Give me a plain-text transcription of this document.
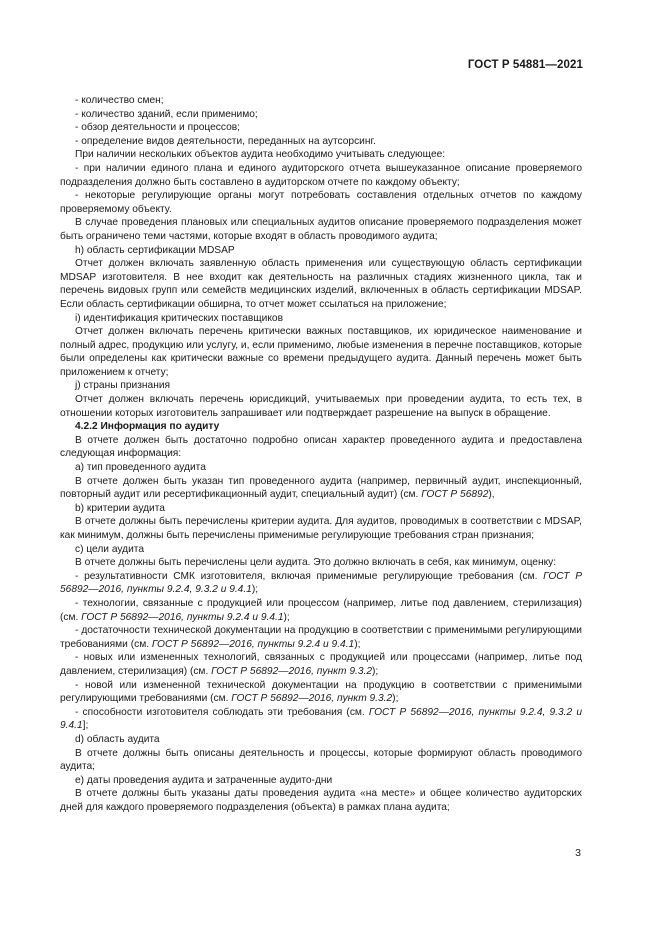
ГОСТ Р 54881—2021

- количество смен;

- количество зданий, если применимо;

- обзор деятельности и процессов;

- определение видов деятельности, переданных на аутсорсинг.

При наличии нескольких объектов аудита необходимо учитывать следующее:

- при наличии единого плана и единого аудиторского отчета вышеуказанное описание проверяемого подразделения должно быть составлено в аудиторском отчете по каждому объекту;

- некоторые регулирующие органы могут потребовать составления отдельных отчетов по каждому проверяемому объекту.

В случае проведения плановых или специальных аудитов описание проверяемого подразделения может быть ограничено теми частями, которые входят в область проводимого аудита;

h) область сертификации MDSAP

Отчет должен включать заявленную область применения или существующую область сертификации MDSAP изготовителя. В нее входит как деятельность на различных стадиях жизненного цикла, так и перечень видовых групп или семейств медицинских изделий, включенных в область сертификации MDSAP. Если область сертификации обширна, то отчет может ссылаться на приложение;

i) идентификация критических поставщиков

Отчет должен включать перечень критически важных поставщиков, их юридическое наименование и полный адрес, продукцию или услугу, и, если применимо, любые изменения в перечне поставщиков, которые были определены как критически важные со времени предыдущего аудита. Данный перечень может быть приложением к отчету;

j) страны признания

Отчет должен включать перечень юрисдикций, учитываемых при проведении аудита, то есть тех, в отношении которых изготовитель запрашивает или подтверждает разрешение на выпуск в обращение.

4.2.2 Информация по аудиту

В отчете должен быть достаточно подробно описан характер проведенного аудита и предоставлена следующая информация:

a) тип проведенного аудита

В отчете должен быть указан тип проведенного аудита (например, первичный аудит, инспекционный, повторный аудит или ресертификационный аудит, специальный аудит) (см. ГОСТ Р 56892),

b) критерии аудита

В отчете должны быть перечислены критерии аудита. Для аудитов, проводимых в соответствии с MDSAP, как минимум, должны быть перечислены применимые регулирующие требования стран признания;

c) цели аудита

В отчете должны быть перечислены цели аудита. Это должно включать в себя, как минимум, оценку:

- результативности СМК изготовителя, включая применимые регулирующие требования (см. ГОСТ Р 56892—2016, пункты 9.2.4, 9.3.2 и 9.4.1);

- технологии, связанные с продукцией или процессом (например, литье под давлением, стерилизация) (см. ГОСТ Р 56892—2016, пункты 9.2.4 и 9.4.1);

- достаточности технической документации на продукцию в соответствии с применимыми регулирующими требованиями (см. ГОСТ Р 56892—2016, пункты 9.2.4 и 9.4.1);

- новых или измененных технологий, связанных с продукцией или процессами (например, литье под давлением, стерилизация) (см. ГОСТ Р 56892—2016, пункт 9.3.2);

- новой или измененной технической документации на продукцию в соответствии с применимыми регулирующими требованиями (см. ГОСТ Р 56892—2016, пункт 9.3.2);

- способности изготовителя соблюдать эти требования (см. ГОСТ Р 56892—2016, пункты 9.2.4, 9.3.2 и 9.4.1];

d) область аудита

В отчете должны быть описаны деятельность и процессы, которые формируют область проводимого аудита;

e) даты проведения аудита и затраченные аудито-дни

В отчете должны быть указаны даты проведения аудита «на месте» и общее количество аудиторских дней для каждого проверяемого подразделения (объекта) в рамках плана аудита;

3
